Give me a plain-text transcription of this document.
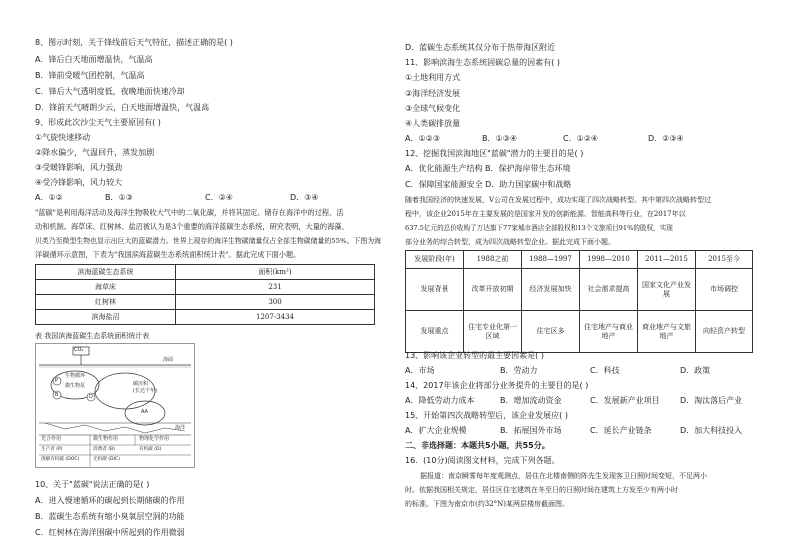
8、图示时刻，关于锋线前后天气特征，描述正确的是( )
A．锋后白天地面增温快，气温高
B．锋前受暖气团控制，气温高
C．锋后大气透明度低，夜晚地面快速冷却
D．锋前天气晴朗少云，白天地面增温快，气温高
9、形成此次沙尘天气主要原因有( )
①气旋快速移动
②降水偏少，气温回升，蒸发加剧
③受暖锋影响，风力强劲
④受冷锋影响，风力较大
A．①②	B．①③	C．②④	D．③④
"蓝碳"是利用海洋活动及海洋生物吸收大气中的二氧化碳，并将其固定、储存在海洋中的过程、活
动和机制。海草床、红树林、盐沼被认为是3个重要的海洋蓝碳生态系统，研究表明，大量的海藻、
贝类乃至微型生物也显示出巨大的蓝碳潜力。世界上现存的海洋生物碳储量仅占全部生物碳储量的55%。下图为海
洋碳循环示意图，下表为"我国滨海蓝碳生态系统面积统计表"。据此完成下面小题。
滨海蓝碳生态系统	面积(km²)
海草床	231
红树林	300
滨海盐沼	1207-3434
表 我国滨海蓝碳生态系统面积统计表
CO₂
海面
生物循环
微生物泵	碳沉积
(长达千年)
P
B	D
AA
海洋
光合作用	微生物作用	物理化学作用
生产者 (P)	消费者 (B)	有机碳 (D)
溶解有机碳 (DOC)	无机碳 (DIC)
10、关于"蓝碳"说法正确的是( )
A．进入慢速循环的碳起到长期储碳的作用
B．蓝碳生态系统有缩小臭氧层空洞的功能
C．红树林在海洋围碳中所起到的作用微弱
D．蓝碳生态系统其仅分布于热带海区附近
11、影响滨海生态系统固碳总量的因素有( )
①土地利用方式
②海洋经济发展
③全球气候变化
④人类碳排放量
A．①②③	B．①③④	C．①②④	D．②③④
12、挖掘我国滨海地区"蓝碳"潜力的主要目的是( )
A．优化能源生产结构 B．保护海岸带生态环境
C．保障国家能源安全 D．助力国家碳中和战略
随着我国经济的快速发展，Ⅴ公司在发展过程中，成功实现了四次战略转型。其中第四次战略转型过
程中，该企业2015年在主要发展的是国家开发的创新能源、智能高科等行业，在2017年以
637.5亿元的总价收购了万达旗下77家城市酒店全部股权和13个文旅项目91%的股权，实现
部分业务的综合转型，成为四次战略转型企业。据此完成下面小题。
发展阶段(年)	1988之前	1988—1997	1998—2010	2011—2015	2015至今
发展背景	改革开放初期	经济发展加快	社会需求提高	国家文化产业发展	市场调控
发展重点	住宅专业化第一区域	住宅区多	住宅地产与商业地产	商业地产与文旅地产	向轻资产转型
13、影响该企业转型的最主要因素是( )
A．市场	B．劳动力	C．科技	D．政策
14、2017年该企业将部分业务提升的主要目的是( )
A．降低劳动力成本	B．增加流动资金	C．发展新产业项目	D．淘汰落后产业
15、开始第四次战略转型后，该企业发展应( )
A．扩大企业规模	B．拓展国外市场	C．延长产业链条	D．加大科技投入
二、非选择题：本题共5小题，共55分。
16．(10分)阅读图文材料，完成下列各题。
据报道：南京瞬雾每年度观测点，居住在北楼南侧的阵先生发现客卫日照时间变短，不足两小
时。依据我国相关规定，居住区住宅建筑在冬至日的日照时间在建筑上方发至少有两小时
的标准。下图为南京市(约32°N)某两层楼房截面图。
